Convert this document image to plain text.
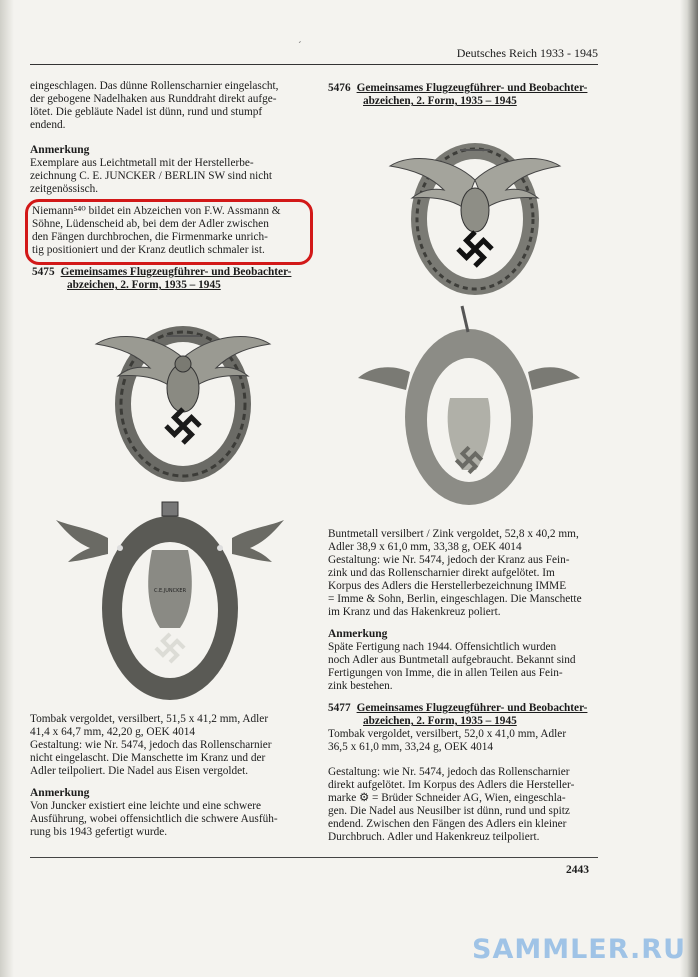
ˊ	Deutsches Reich 1933 - 1945

eingeschlagen. Das dünne Rollenscharnier eingelascht,
der gebogene Nadelhaken aus Runddraht direkt aufge-
lötet. Die gebläute Nadel ist dünn, rund und stumpf
endend.

Anmerkung

Exemplare aus Leichtmetall mit der Herstellerbe-
zeichnung C. E. JUNCKER / BERLIN SW sind nicht
zeitgenössisch.

Niemann⁵⁴⁰ bildet ein Abzeichen von F.W. Assmann &
Söhne, Lüdenscheid ab, bei dem der Adler zwischen
den Fängen durchbrochen, die Firmenmarke unrich-
tig positioniert und der Kranz deutlich schmaler ist.
5475 Gemeinsames Flugzeugführer- und Beobachter-
abzeichen, 2. Form, 1935 – 1945
C.E.JUNCKER

Tombak vergoldet, versilbert, 51,5 x 41,2 mm, Adler
41,4 x 64,7 mm, 42,20 g, OEK 4014
Gestaltung: wie Nr. 5474, jedoch das Rollenscharnier
nicht eingelascht. Die Manschette im Kranz und der
Adler teilpoliert. Die Nadel aus Eisen vergoldet.

Anmerkung

Von Juncker existiert eine leichte und eine schwere
Ausführung, wobei offensichtlich die schwere Ausfüh-
rung bis 1943 gefertigt wurde.

5476 Gemeinsames Flugzeugführer- und Beobachter-
abzeichen, 2. Form, 1935 – 1945

Buntmetall versilbert / Zink vergoldet, 52,8 x 40,2 mm,
Adler 38,9 x 61,0 mm, 33,38 g, OEK 4014
Gestaltung: wie Nr. 5474, jedoch der Kranz aus Fein-
zink und das Rollenscharnier direkt aufgelötet. Im
Korpus des Adlers die Herstellerbezeichnung IMME
= Imme & Sohn, Berlin, eingeschlagen. Die Manschette
im Kranz und das Hakenkreuz poliert.

Anmerkung

Späte Fertigung nach 1944. Offensichtlich wurden
noch Adler aus Buntmetall aufgebraucht. Bekannt sind
Fertigungen von Imme, die in allen Teilen aus Fein-
zink bestehen.

5477 Gemeinsames Flugzeugführer- und Beobachter-
abzeichen, 2. Form, 1935 – 1945

Tombak vergoldet, versilbert, 52,0 x 41,0 mm, Adler
36,5 x 61,0 mm, 33,24 g, OEK 4014

Gestaltung: wie Nr. 5474, jedoch das Rollenscharnier
direkt aufgelötet. Im Korpus des Adlers die Hersteller-
marke ⚙ = Brüder Schneider AG, Wien, eingeschla-
gen. Die Nadel aus Neusilber ist dünn, rund und spitz
endend. Zwischen den Fängen des Adlers ein kleiner
Durchbruch. Adler und Hakenkreuz teilpoliert.

2443
SAMMLER.RU
